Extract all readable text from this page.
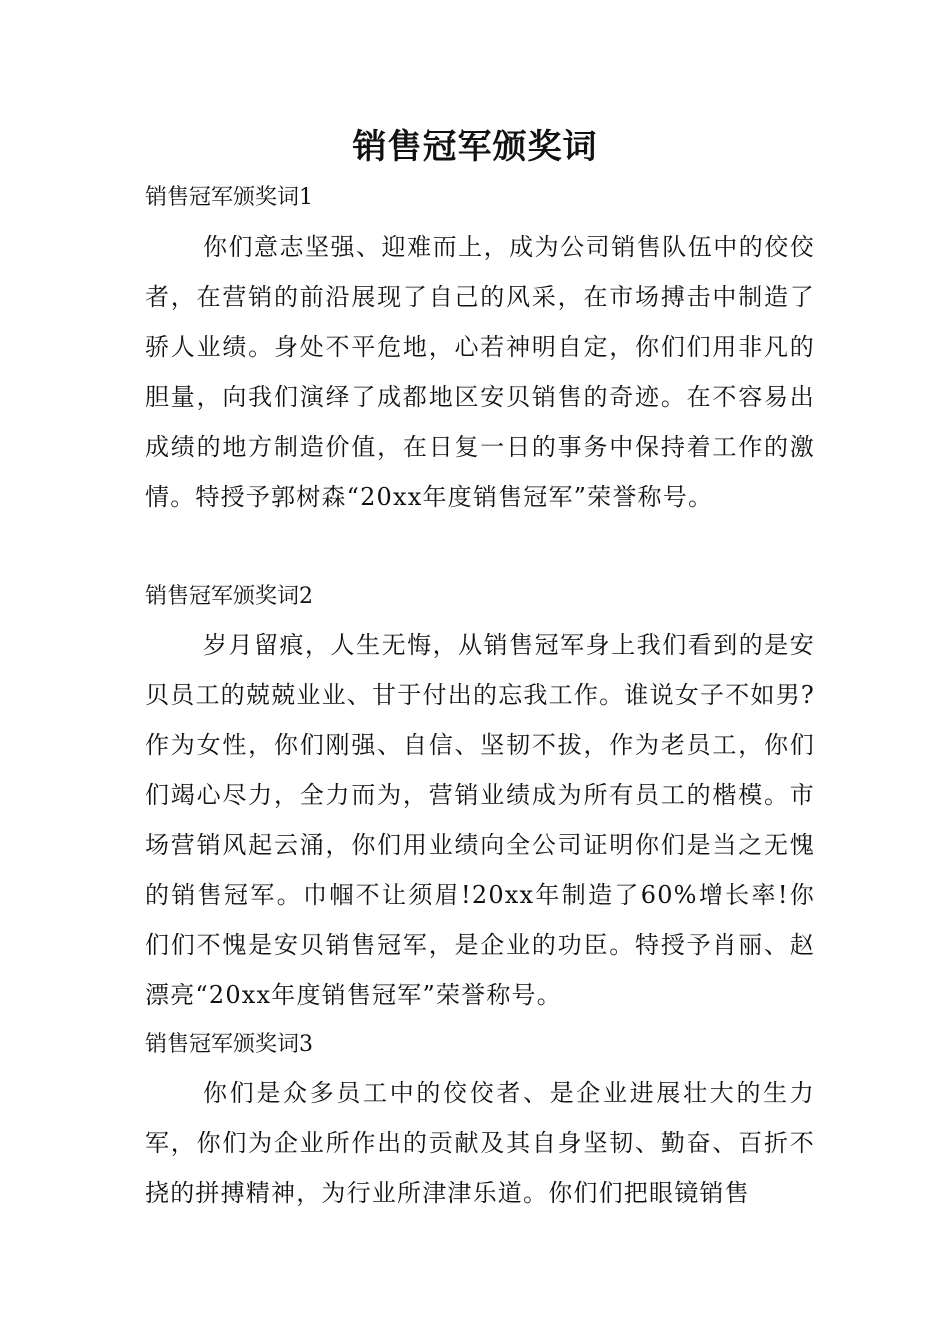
销售冠军颁奖词

销售冠军颁奖词1

你们意志坚强、迎难而上，成为公司销售队伍中的佼佼者，在营销的前沿展现了自己的风采，在市场搏击中制造了骄人业绩。身处不平危地，心若神明自定，你们们用非凡的胆量，向我们演绎了成都地区安贝销售的奇迹。在不容易出成绩的地方制造价值，在日复一日的事务中保持着工作的激情。特授予郭树森“20xx年度销售冠军”荣誉称号。

销售冠军颁奖词2

岁月留痕，人生无悔，从销售冠军身上我们看到的是安贝员工的兢兢业业、甘于付出的忘我工作。谁说女子不如男?作为女性，你们刚强、自信、坚韧不拔，作为老员工，你们们竭心尽力，全力而为，营销业绩成为所有员工的楷模。市场营销风起云涌，你们用业绩向全公司证明你们是当之无愧的销售冠军。巾帼不让须眉!20xx年制造了60%增长率!你们们不愧是安贝销售冠军，是企业的功臣。特授予肖丽、赵漂亮“20xx年度销售冠军”荣誉称号。

销售冠军颁奖词3

你们是众多员工中的佼佼者、是企业进展壮大的生力军，你们为企业所作出的贡献及其自身坚韧、勤奋、百折不挠的拼搏精神，为行业所津津乐道。你们们把眼镜销售
